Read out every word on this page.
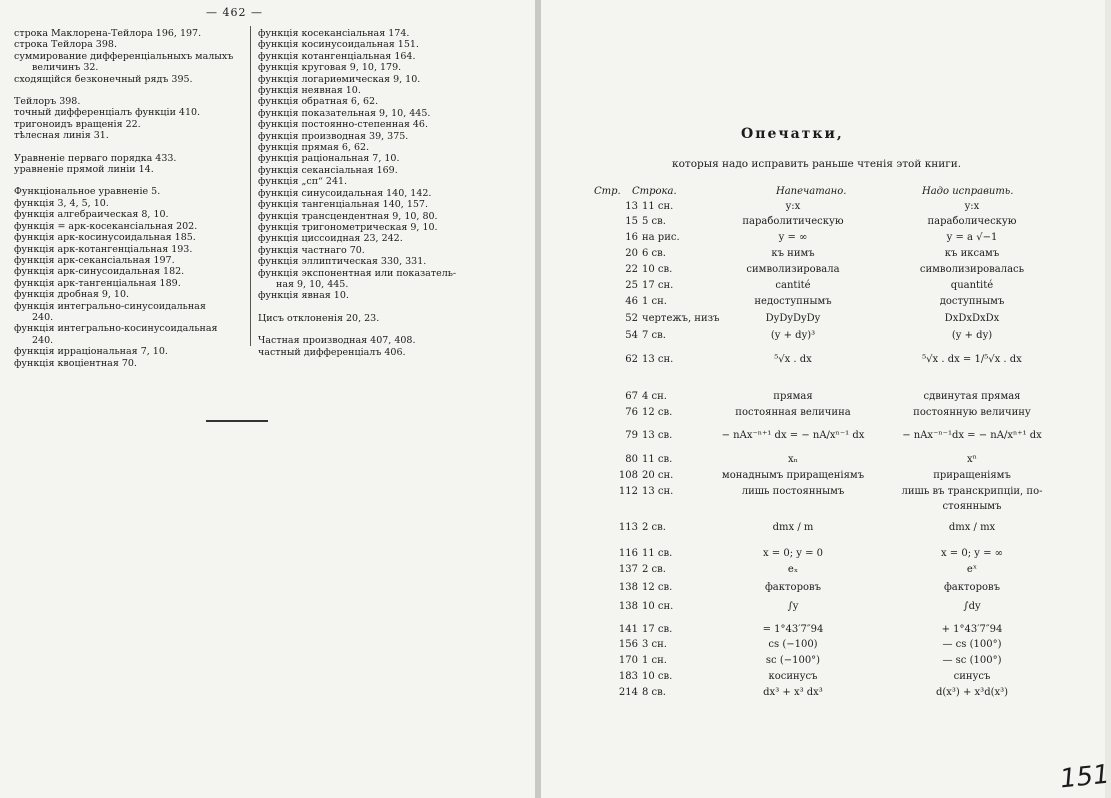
— 462 —
строка Маклорена-Тейлора 196, 197.
строка Тейлора 398.
суммирование дифференціальныхъ малыхъ
величинъ 32.
сходящійся безконечный рядъ 395.
Тейлоръ 398.
точный дифференціалъ функціи 410.
тригоноидъ вращенія 22.
тѣлесная линія 31.
Уравненіе перваго порядка 433.
уравненіе прямой линіи 14.
Функціональное уравненіе 5.
функція 3, 4, 5, 10.
функція алгебраическая 8, 10.
функція = арк-косекансіальная 202.
функція арк-косинусоидальная 185.
функція арк-котангенціальная 193.
функція арк-секансіальная 197.
функція арк-синусоидальная 182.
функція арк-тангенціальная 189.
функція дробная 9, 10.
функція интегрально-синусоидальная
240.
функція интегрально-косинусоидальная
240.
функція ирраціональная 7, 10.
функція квоціентная 70.
функція косекансіальная 174.
функція косинусоидальная 151.
функція котангенціальная 164.
функція круговая 9, 10, 179.
функція логариѳмическая 9, 10.
функція неявная 10.
функція обратная 6, 62.
функція показательная 9, 10, 445.
функція постоянно-степенная 46.
функція производная 39, 375.
функція прямая 6, 62.
функція раціональная 7, 10.
функція секансіальная 169.
функція „сп“ 241.
функція синусоидальная 140, 142.
функція тангенціальная 140, 157.
функція трансцендентная 9, 10, 80.
функція тригонометрическая 9, 10.
функція циссоидная 23, 242.
функція частнаго 70.
функція эллиптическая 330, 331.
функція экспонентная или показатель-
ная 9, 10, 445.
функція явная 10.
Цисъ отклоненія 20, 23.
Частная производная 407, 408.
частный дифференціалъ 406.
Опечатки,
которыя надо исправить раньше чтенія этой книги.
Стр. Строка.	Напечатано.	Надо исправить.
13 11 сн.	y:x	y:x
15 5 св.	параболитическую	параболическую
16 на рис.	y = ∞	y = a √−1
20 6 св.	къ нимъ	къ иксамъ
22 10 св.	символизировала	символизировалась
25 17 сн.	cantité	quantité
46 1 сн.	недоступнымъ	доступнымъ
52 чертежъ, низъ	DyDyDyDy	DxDxDxDx
54 7 св.	(y + dy)³	(y + dy)
62 13 сн.	⁵√x . dx	⁵√x . dx = 1/⁵√x . dx
67 4 сн.	прямая	сдвинутая прямая
76 12 св.	постоянная величина	постоянную величину
79 13 св.	− nAx⁻ⁿ⁺¹ dx = − nA/xⁿ⁻¹ dx	− nAx⁻ⁿ⁻¹dx = − nA/xⁿ⁺¹ dx
80 11 св.	xₙ	xⁿ
108 20 сн.	монаднымъ приращеніямъ	приращеніямъ
112 13 сн.	лишь постояннымъ	лишь въ транскрипціи, по-
стояннымъ
113 2 св.	dmx / m	dmx / mx
116 11 св.	x = 0; y = 0	x = 0; y = ∞
137 2 св.	eₓ	eˣ
138 12 св.	факторовъ	факторовъ
138 10 сн.	∫y	∫dy
141 17 св.	= 1°43′7″94	+ 1°43′7″94
156 3 сн.	cs (−100)	— cs (100°)
170 1 сн.	sc (−100°)	— sc (100°)
183 10 св.	косинусъ	синусъ
214 8 св.	dx³ + x³ dx³	d(x³) + x³d(x³)
151
